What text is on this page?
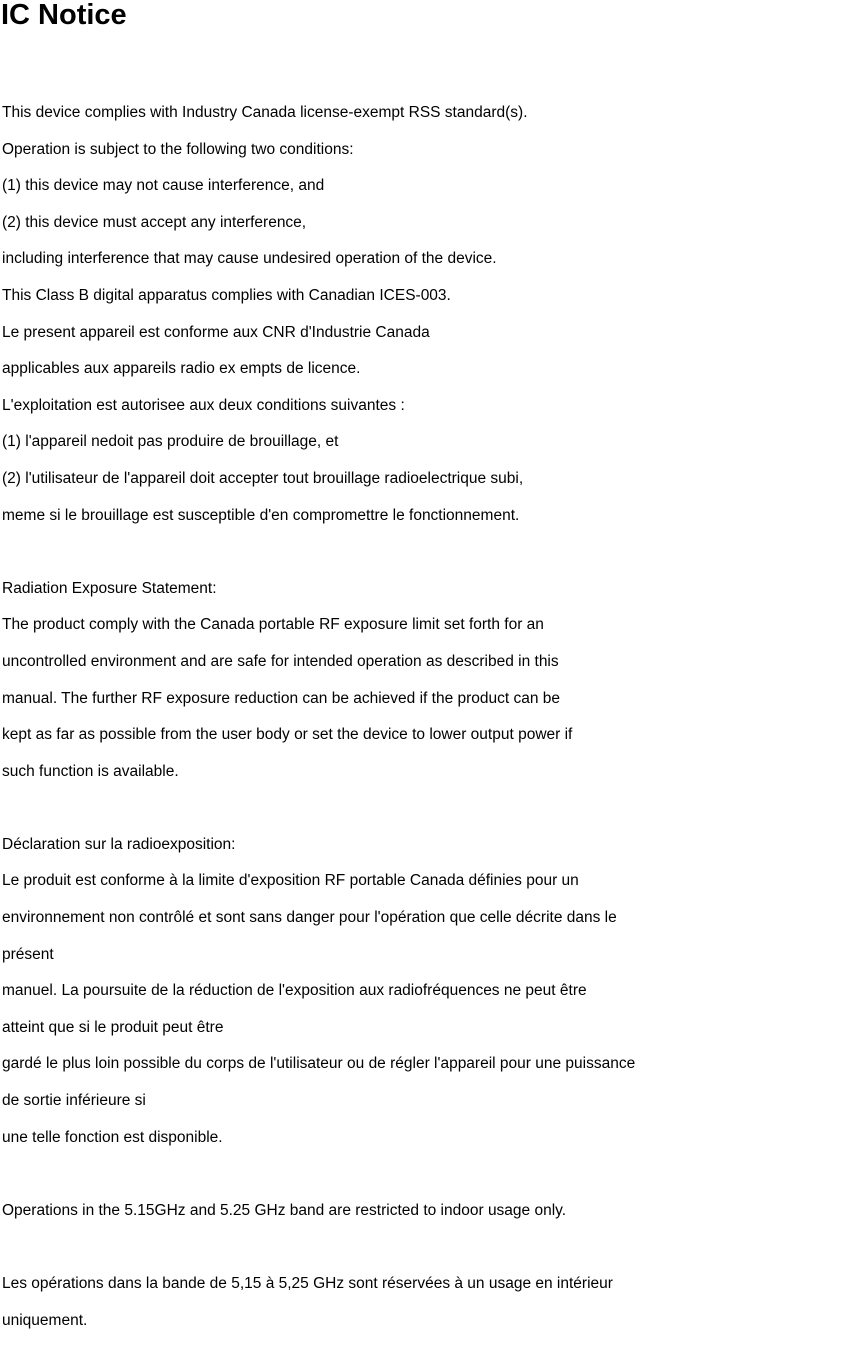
IC Notice
This device complies with Industry Canada license-exempt RSS standard(s).
Operation is subject to the following two conditions:
(1) this device may not cause interference, and
(2) this device must accept any interference,
including interference that may cause undesired operation of the device.
This Class B digital apparatus complies with Canadian ICES-003.
Le present appareil est conforme aux CNR d'Industrie Canada
applicables aux appareils radio ex empts de licence.
L'exploitation est autorisee aux deux conditions suivantes :
(1) l'appareil nedoit pas produire de brouillage, et
(2) l'utilisateur de l'appareil doit accepter tout brouillage radioelectrique subi,
meme si le brouillage est susceptible d'en compromettre le fonctionnement.
Radiation Exposure Statement:
The product comply with the Canada portable RF exposure limit set forth for an
uncontrolled environment and are safe for intended operation as described in this
manual. The further RF exposure reduction can be achieved if the product can be
kept as far as possible from the user body or set the device to lower output power if
such function is available.
Déclaration sur la radioexposition:
Le produit est conforme à la limite d'exposition RF portable Canada définies pour un
environnement non contrôlé et sont sans danger pour l'opération que celle décrite dans le
présent
manuel. La poursuite de la réduction de l'exposition aux radiofréquences ne peut être
atteint que si le produit peut être
gardé le plus loin possible du corps de l'utilisateur ou de régler l'appareil pour une puissance
de sortie inférieure si
une telle fonction est disponible.
Operations in the 5.15GHz and 5.25 GHz band are restricted to indoor usage only.
Les opérations dans la bande de 5,15 à 5,25 GHz sont réservées à un usage en intérieur
uniquement.
